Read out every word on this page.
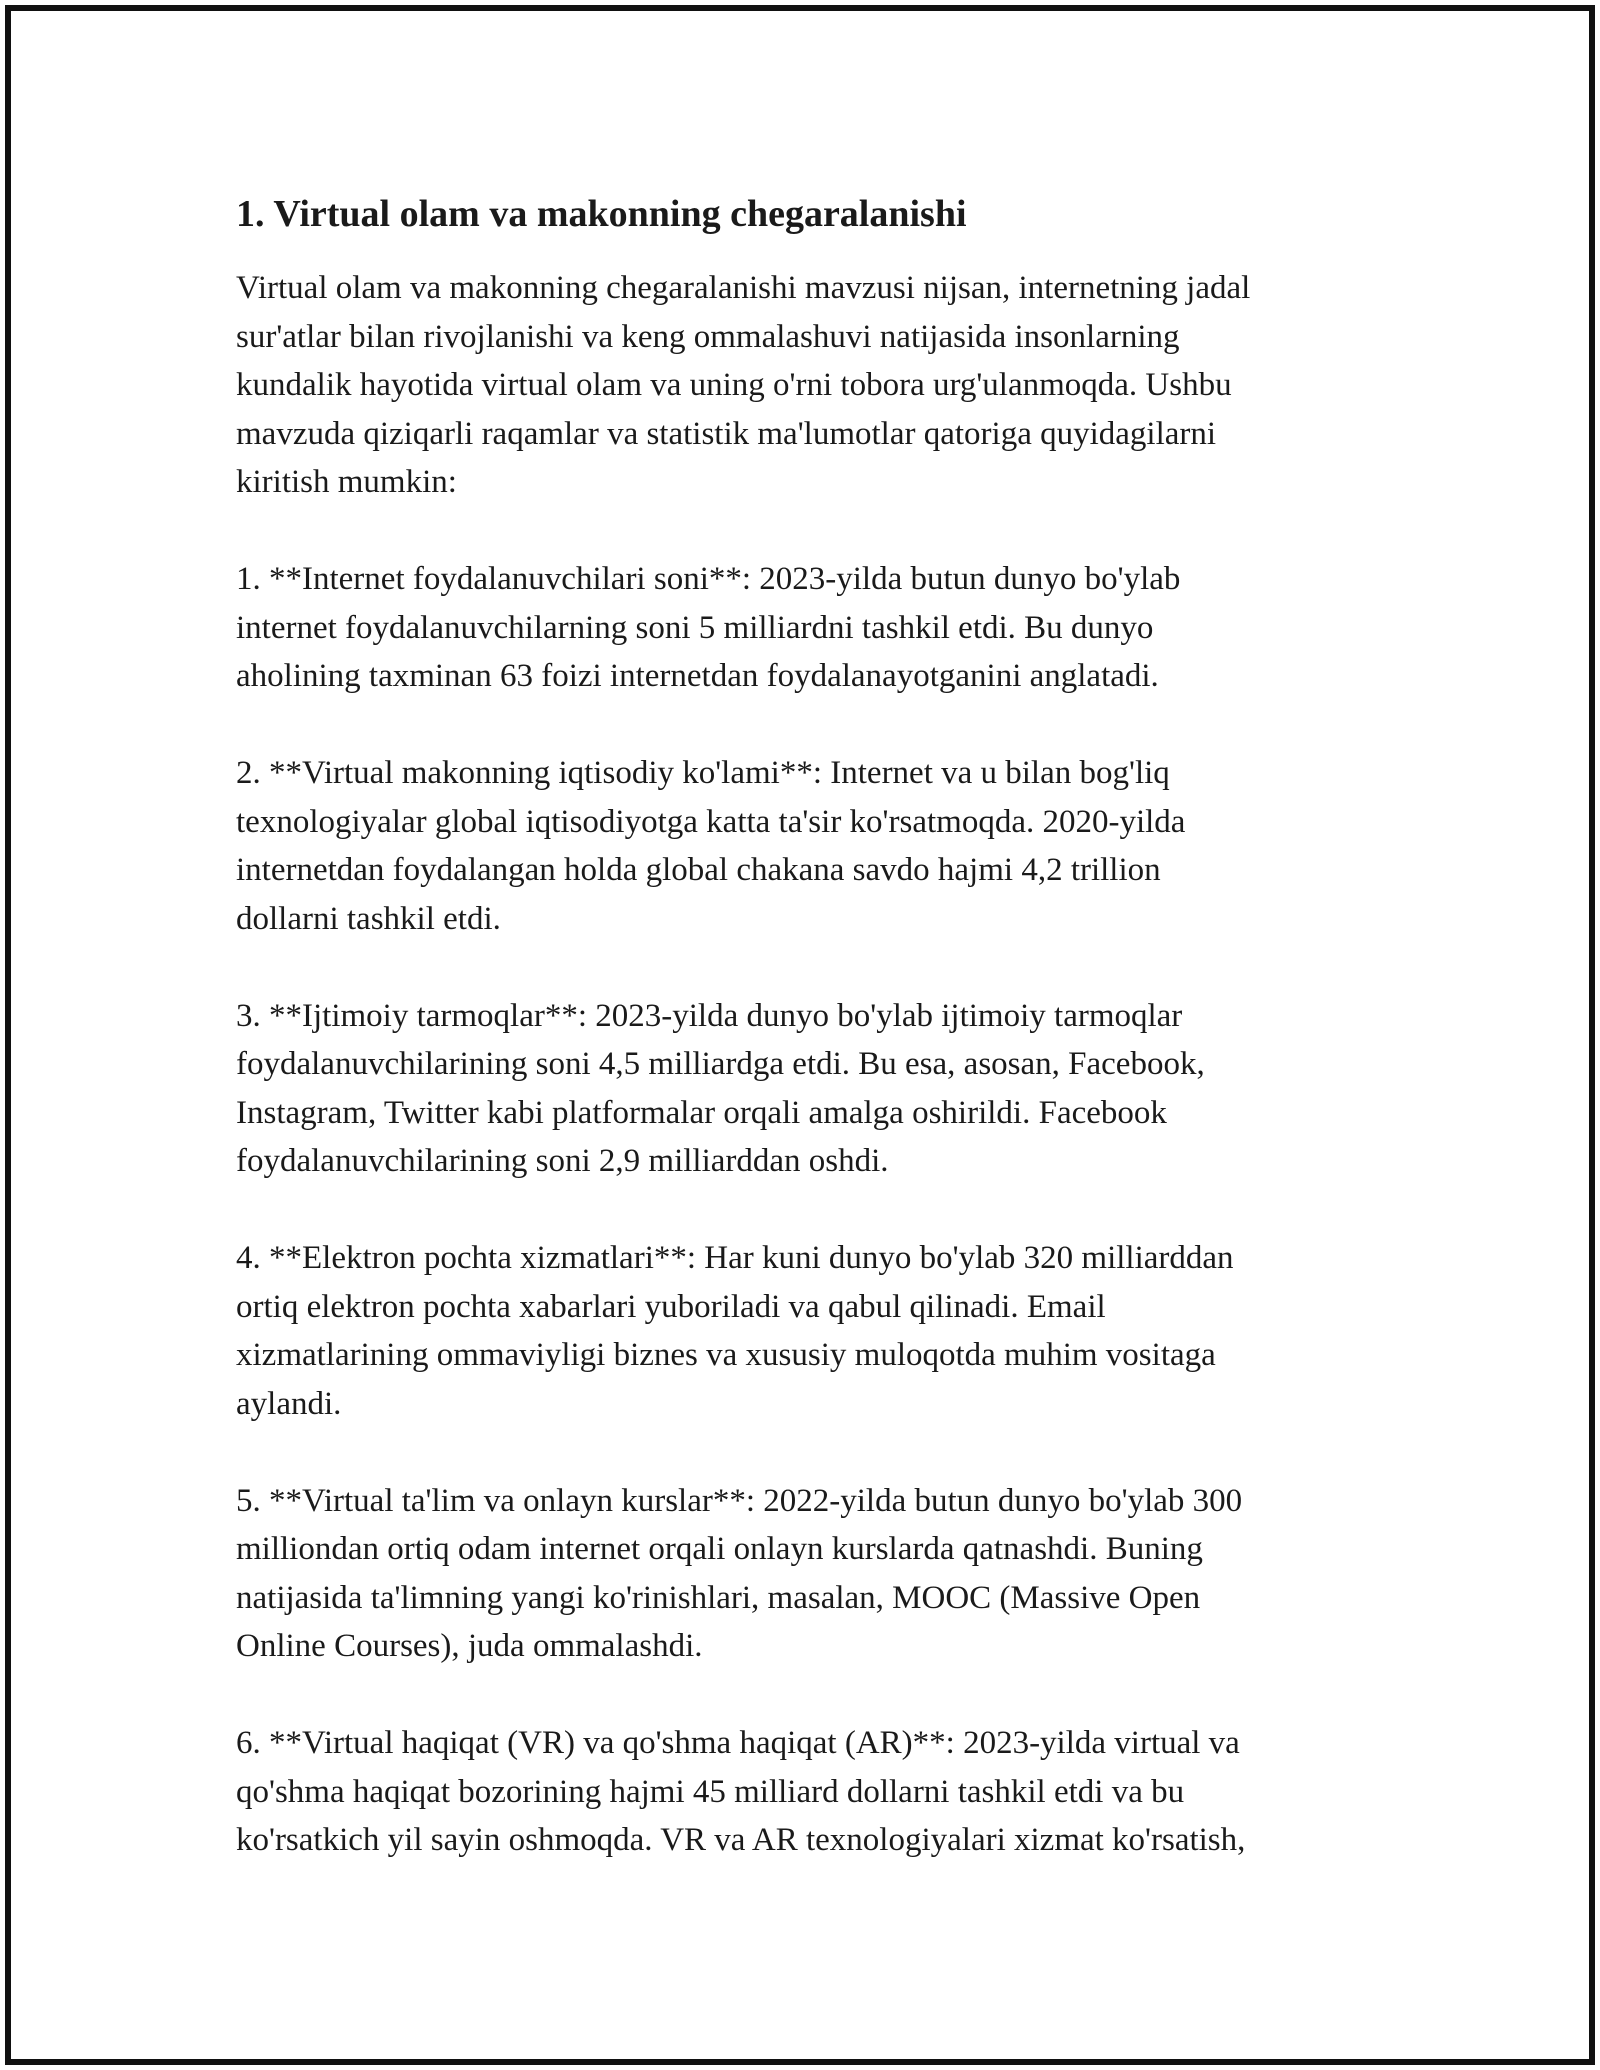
1. Virtual olam va makonning chegaralanishi

Virtual olam va makonning chegaralanishi mavzusi nijsan, internetning jadal
sur'atlar bilan rivojlanishi va keng ommalashuvi natijasida insonlarning
kundalik hayotida virtual olam va uning o'rni tobora urg'ulanmoqda. Ushbu
mavzuda qiziqarli raqamlar va statistik ma'lumotlar qatoriga quyidagilarni
kiritish mumkin:

1. **Internet foydalanuvchilari soni**: 2023-yilda butun dunyo bo'ylab
internet foydalanuvchilarning soni 5 milliardni tashkil etdi. Bu dunyo
aholining taxminan 63 foizi internetdan foydalanayotganini anglatadi.

2. **Virtual makonning iqtisodiy ko'lami**: Internet va u bilan bog'liq
texnologiyalar global iqtisodiyotga katta ta'sir ko'rsatmoqda. 2020-yilda
internetdan foydalangan holda global chakana savdo hajmi 4,2 trillion
dollarni tashkil etdi.

3. **Ijtimoiy tarmoqlar**: 2023-yilda dunyo bo'ylab ijtimoiy tarmoqlar
foydalanuvchilarining soni 4,5 milliardga etdi. Bu esa, asosan, Facebook,
Instagram, Twitter kabi platformalar orqali amalga oshirildi. Facebook
foydalanuvchilarining soni 2,9 milliarddan oshdi.

4. **Elektron pochta xizmatlari**: Har kuni dunyo bo'ylab 320 milliarddan
ortiq elektron pochta xabarlari yuboriladi va qabul qilinadi. Email
xizmatlarining ommaviyligi biznes va xususiy muloqotda muhim vositaga
aylandi.

5. **Virtual ta'lim va onlayn kurslar**: 2022-yilda butun dunyo bo'ylab 300
milliondan ortiq odam internet orqali onlayn kurslarda qatnashdi. Buning
natijasida ta'limning yangi ko'rinishlari, masalan, MOOC (Massive Open
Online Courses), juda ommalashdi.

6. **Virtual haqiqat (VR) va qo'shma haqiqat (AR)**: 2023-yilda virtual va
qo'shma haqiqat bozorining hajmi 45 milliard dollarni tashkil etdi va bu
ko'rsatkich yil sayin oshmoqda. VR va AR texnologiyalari xizmat ko'rsatish,
